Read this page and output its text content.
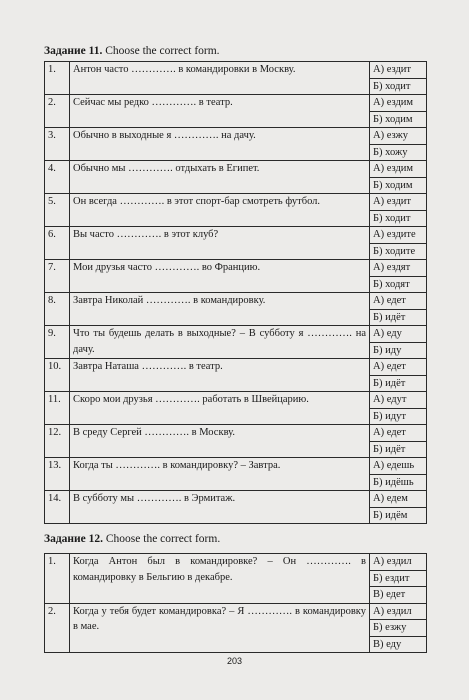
Задание 11. Choose the correct form.
1.	Антон часто …………. в командировки в Москву.	А) ездит
		Б) ходит
2.	Сейчас мы редко …………. в театр.	А) ездим
		Б) ходим
3.	Обычно в выходные я …………. на дачу.	А) езжу
		Б) хожу
4.	Обычно мы …………. отдыхать в Египет.	А) ездим
		Б) ходим
5.	Он всегда …………. в этот спорт-бар смотреть футбол.	А) ездит
		Б) ходит
6.	Вы часто …………. в этот клуб?	А) ездите
		Б) ходите
7.	Мои друзья часто …………. во Францию.	А) ездят
		Б) ходят
8.	Завтра Николай …………. в командировку.	А) едет
		Б) идёт
9.	Что ты будешь делать в выходные? – В субботу я …………. на дачу.	А) еду
		Б) иду
10.	Завтра Наташа …………. в театр.	А) едет
		Б) идёт
11.	Скоро мои друзья …………. работать в Швейцарию.	А) едут
		Б) идут
12.	В среду Сергей …………. в Москву.	А) едет
		Б) идёт
13.	Когда ты …………. в командировку? – Завтра.	А) едешь
		Б) идёшь
14.	В субботу мы …………. в Эрмитаж.	А) едем
		Б) идём
Задание 12. Choose the correct form.
1.	Когда Антон был в командировке? – Он …………. в командировку в Бельгию в декабре.	А) ездил
		Б) ездит
		В) едет
2.	Когда у тебя будет командировка? – Я …………. в командировку в мае.	А) ездил
		Б) езжу
		В) еду
203
